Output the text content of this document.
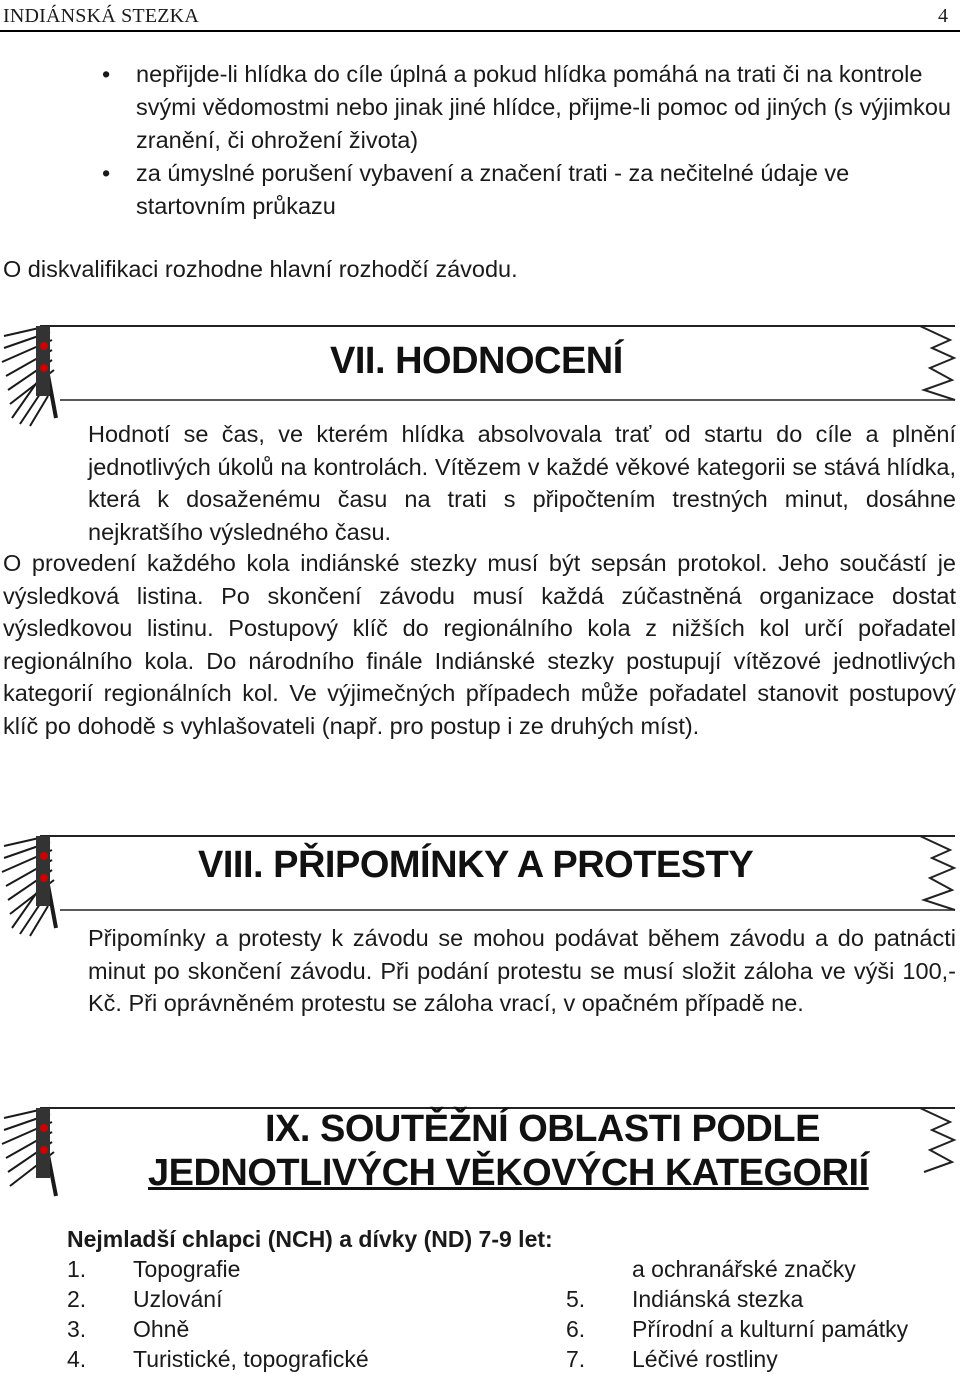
INDIÁNSKÁ STEZKA	4
• nepřijde-li hlídka do cíle úplná a pokud hlídka pomáhá na trati či na kontrole svými vědomostmi nebo jinak jiné hlídce, přijme-li pomoc od jiných (s výjimkou zranění, či ohrožení života)
• za úmyslné porušení vybavení a značení trati - za nečitelné údaje ve startovním průkazu
O diskvalifikaci rozhodne hlavní rozhodčí závodu.
VII. HODNOCENÍ
Hodnotí se čas, ve kterém hlídka absolvovala trať od startu do cíle a plnění jednotlivých úkolů na kontrolách. Vítězem v každé věkové kategorii se stává hlídka, která k dosaženému času na trati s připočtením trestných minut, dosáhne nejkratšího výsledného času.
O provedení každého kola indiánské stezky musí být sepsán protokol. Jeho součástí je výsledková listina. Po skončení závodu musí každá zúčastněná organizace dostat výsledkovou listinu. Postupový klíč do regionálního kola z nižších kol určí pořadatel regionálního kola. Do národního finále Indiánské stezky postupují vítězové jednotlivých kategorií regionálních kol. Ve výjimečných případech může pořadatel stanovit postupový klíč po dohodě s vyhlašovateli (např. pro postup i ze druhých míst).
VIII. PŘIPOMÍNKY A PROTESTY
Připomínky a protesty k závodu se mohou podávat během závodu a do patnácti minut po skončení závodu. Při podání protestu se musí složit záloha ve výši 100,- Kč. Při oprávněném protestu se záloha vrací, v opačném případě ne.
IX. SOUTĚŽNÍ OBLASTI PODLE
JEDNOTLIVÝCH VĚKOVÝCH KATEGORIÍ
Nejmladší chlapci (NCH) a dívky (ND) 7-9 let:
1. Topografie
2. Uzlování
3. Ohně
4. Turistické, topografické
a ochranářské značky
5. Indiánská stezka
6. Přírodní a kulturní památky
7. Léčivé rostliny
